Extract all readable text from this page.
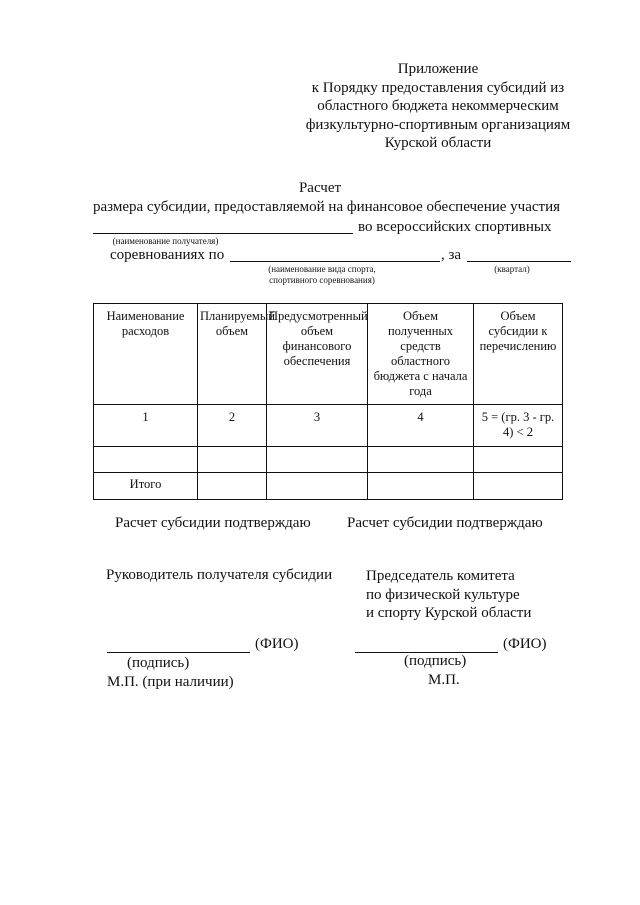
Приложение
к Порядку предоставления субсидий из
областного бюджета некоммерческим
физкультурно-спортивным организациям
Курской области
Расчет
размера субсидии, предоставляемой на финансовое обеспечение участия
во всероссийских спортивных
(наименование получателя)
соревнованиях по	, за
(наименование вида спорта,
спортивного соревнования)
(квартал)
Наименование расходов	Планируемый объем	Предусмотренный объем финансового обеспечения	Объем полученных средств областного бюджета с начала года	Объем субсидии к перечислению
1	2	3	4	5 = (гр. 3 - гр. 4) < 2

Итого				
Расчет субсидии подтверждаю Расчет субсидии подтверждаю
Руководитель получателя субсидии Председатель комитета
по физической культуре
и спорту Курской области
(ФИО)	(ФИО)
(подпись)
М.П. (при наличии)
(подпись)
М.П.
